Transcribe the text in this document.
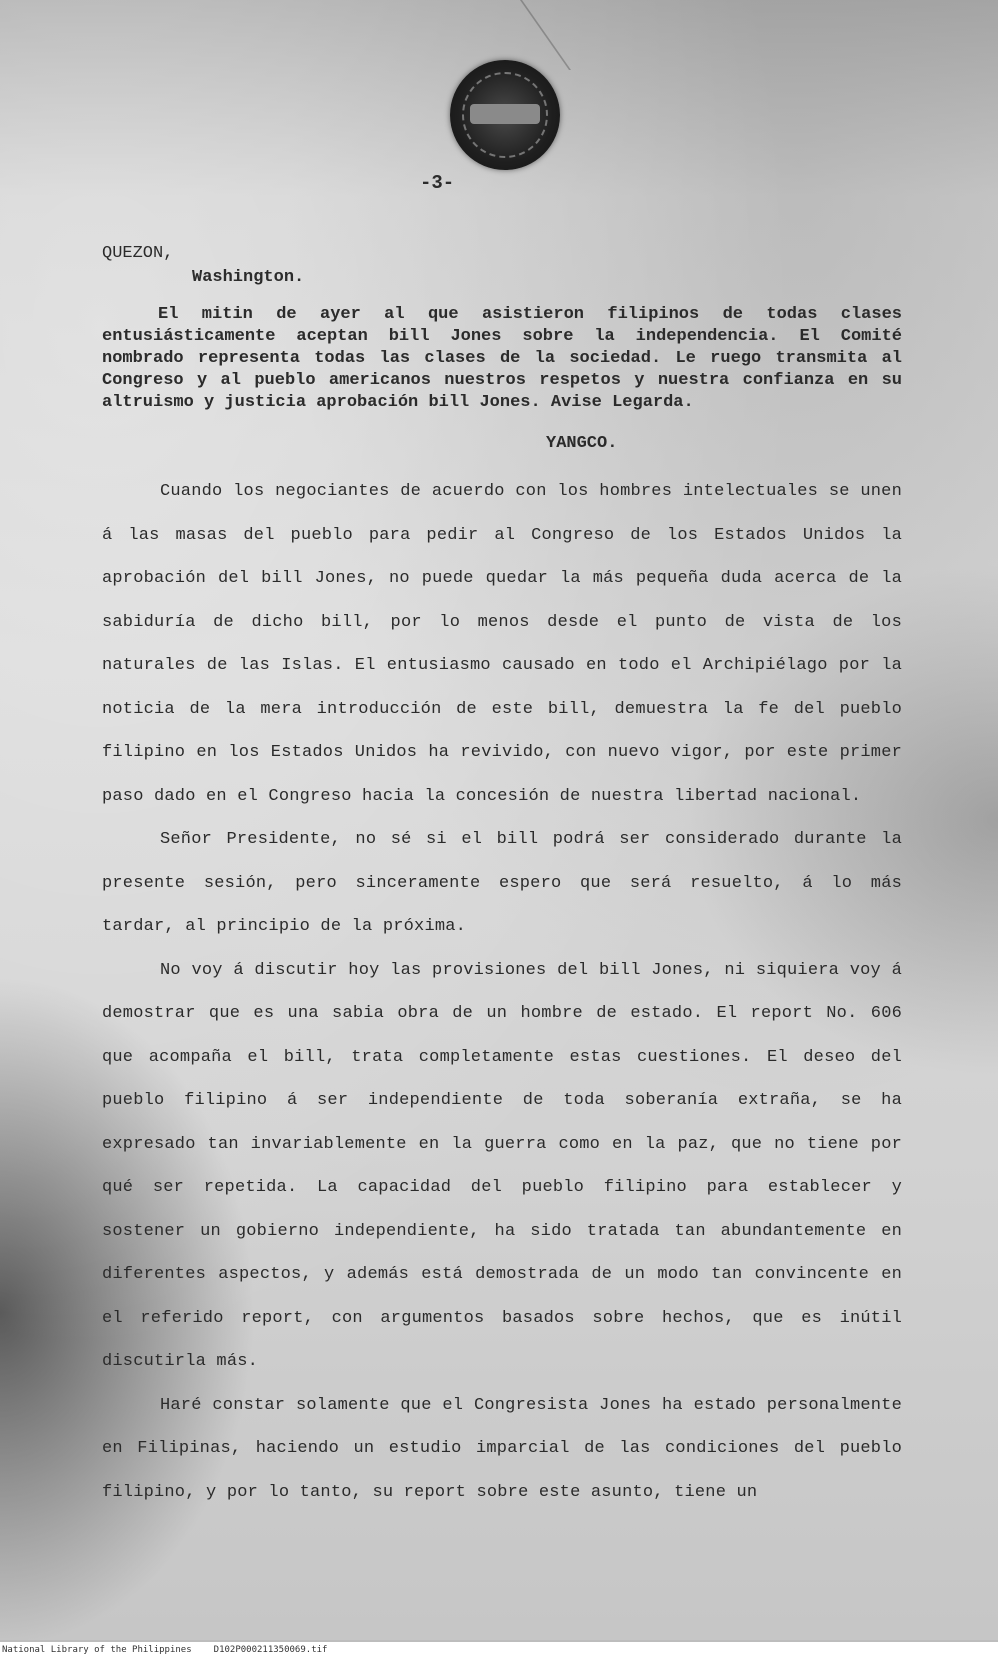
-3-
QUEZON,
Washington.
El mitin de ayer al que asistieron filipinos de todas clases entusiásticamente aceptan bill Jones sobre la independencia. El Comité nombrado representa todas las clases de la sociedad. Le ruego transmita al Congreso y al pueblo americanos nuestros respetos y nuestra confianza en su altruismo y justicia aprobación bill Jones. Avise Legarda.
YANGCO.

Cuando los negociantes de acuerdo con los hombres intelectuales se unen á las masas del pueblo para pedir al Congreso de los Estados Unidos la aprobación del bill Jones, no puede quedar la más pequeña duda acerca de la sabiduría de dicho bill, por lo menos desde el punto de vista de los naturales de las Islas. El entusiasmo causado en todo el Archipiélago por la noticia de la mera introducción de este bill, demuestra la fe del pueblo filipino en los Estados Unidos ha revivido, con nuevo vigor, por este primer paso dado en el Congreso hacia la concesión de nuestra libertad nacional.

Señor Presidente, no sé si el bill podrá ser considerado durante la presente sesión, pero sinceramente espero que será resuelto, á lo más tardar, al principio de la próxima.

No voy á discutir hoy las provisiones del bill Jones, ni siquiera voy á demostrar que es una sabia obra de un hombre de estado. El report No. 606 que acompaña el bill, trata completamente estas cuestiones. El deseo del pueblo filipino á ser independiente de toda soberanía extraña, se ha expresado tan invariablemente en la guerra como en la paz, que no tiene por qué ser repetida. La capacidad del pueblo filipino para establecer y sostener un gobierno independiente, ha sido tratada tan abundantemente en diferentes aspectos, y además está demostrada de un modo tan convincente en el referido report, con argumentos basados sobre hechos, que es inútil discutirla más.

Haré constar solamente que el Congresista Jones ha estado personalmente en Filipinas, haciendo un estudio imparcial de las condiciones del pueblo filipino, y por lo tanto, su report sobre este asunto, tiene un

National Library of the Philippines D102P000211350069.tif
